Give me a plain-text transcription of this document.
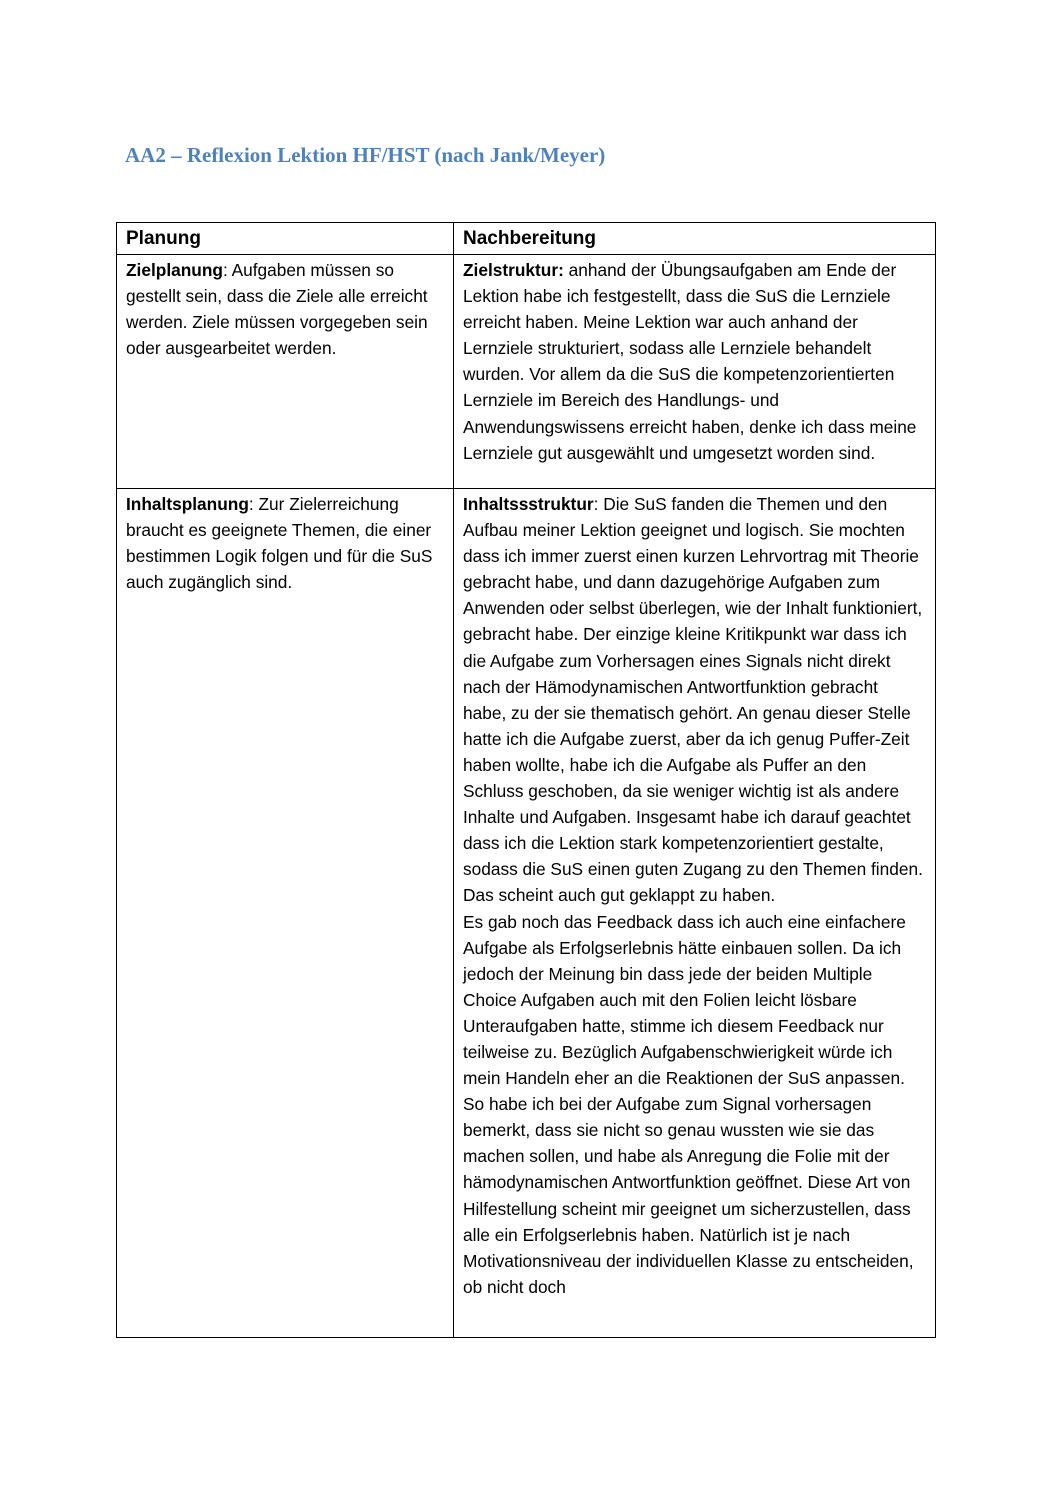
AA2 – Reflexion Lektion HF/HST (nach Jank/Meyer)
Planung	Nachbereitung

Zielplanung: Aufgaben müssen so gestellt sein, dass die Ziele alle erreicht werden. Ziele müssen vorgegeben sein oder ausgearbeitet werden.	Zielstruktur: anhand der Übungsaufgaben am Ende der Lektion habe ich festgestellt, dass die SuS die Lernziele erreicht haben. Meine Lektion war auch anhand der Lernziele strukturiert, sodass alle Lernziele behandelt wurden. Vor allem da die SuS die kompetenzorientierten Lernziele im Bereich des Handlungs- und Anwendungswissens erreicht haben, denke ich dass meine Lernziele gut ausgewählt und umgesetzt worden sind.

Inhaltsplanung: Zur Zielerreichung braucht es geeignete Themen, die einer bestimmen Logik folgen und für die SuS auch zugänglich sind.	Inhaltssstruktur: Die SuS fanden die Themen und den Aufbau meiner Lektion geeignet und logisch. Sie mochten dass ich immer zuerst einen kurzen Lehrvortrag mit Theorie gebracht habe, und dann dazugehörige Aufgaben zum Anwenden oder selbst überlegen, wie der Inhalt funktioniert, gebracht habe. Der einzige kleine Kritikpunkt war dass ich die Aufgabe zum Vorhersagen eines Signals nicht direkt nach der Hämodynamischen Antwortfunktion gebracht habe, zu der sie thematisch gehört. An genau dieser Stelle hatte ich die Aufgabe zuerst, aber da ich genug Puffer-Zeit haben wollte, habe ich die Aufgabe als Puffer an den Schluss geschoben, da sie weniger wichtig ist als andere Inhalte und Aufgaben. Insgesamt habe ich darauf geachtet dass ich die Lektion stark kompetenzorientiert gestalte, sodass die SuS einen guten Zugang zu den Themen finden. Das scheint auch gut geklappt zu haben.
Es gab noch das Feedback dass ich auch eine einfachere Aufgabe als Erfolgserlebnis hätte einbauen sollen. Da ich jedoch der Meinung bin dass jede der beiden Multiple Choice Aufgaben auch mit den Folien leicht lösbare Unteraufgaben hatte, stimme ich diesem Feedback nur teilweise zu. Bezüglich Aufgabenschwierigkeit würde ich mein Handeln eher an die Reaktionen der SuS anpassen. So habe ich bei der Aufgabe zum Signal vorhersagen bemerkt, dass sie nicht so genau wussten wie sie das machen sollen, und habe als Anregung die Folie mit der hämodynamischen Antwortfunktion geöffnet. Diese Art von Hilfestellung scheint mir geeignet um sicherzustellen, dass alle ein Erfolgserlebnis haben. Natürlich ist je nach Motivationsniveau der individuellen Klasse zu entscheiden, ob nicht doch
